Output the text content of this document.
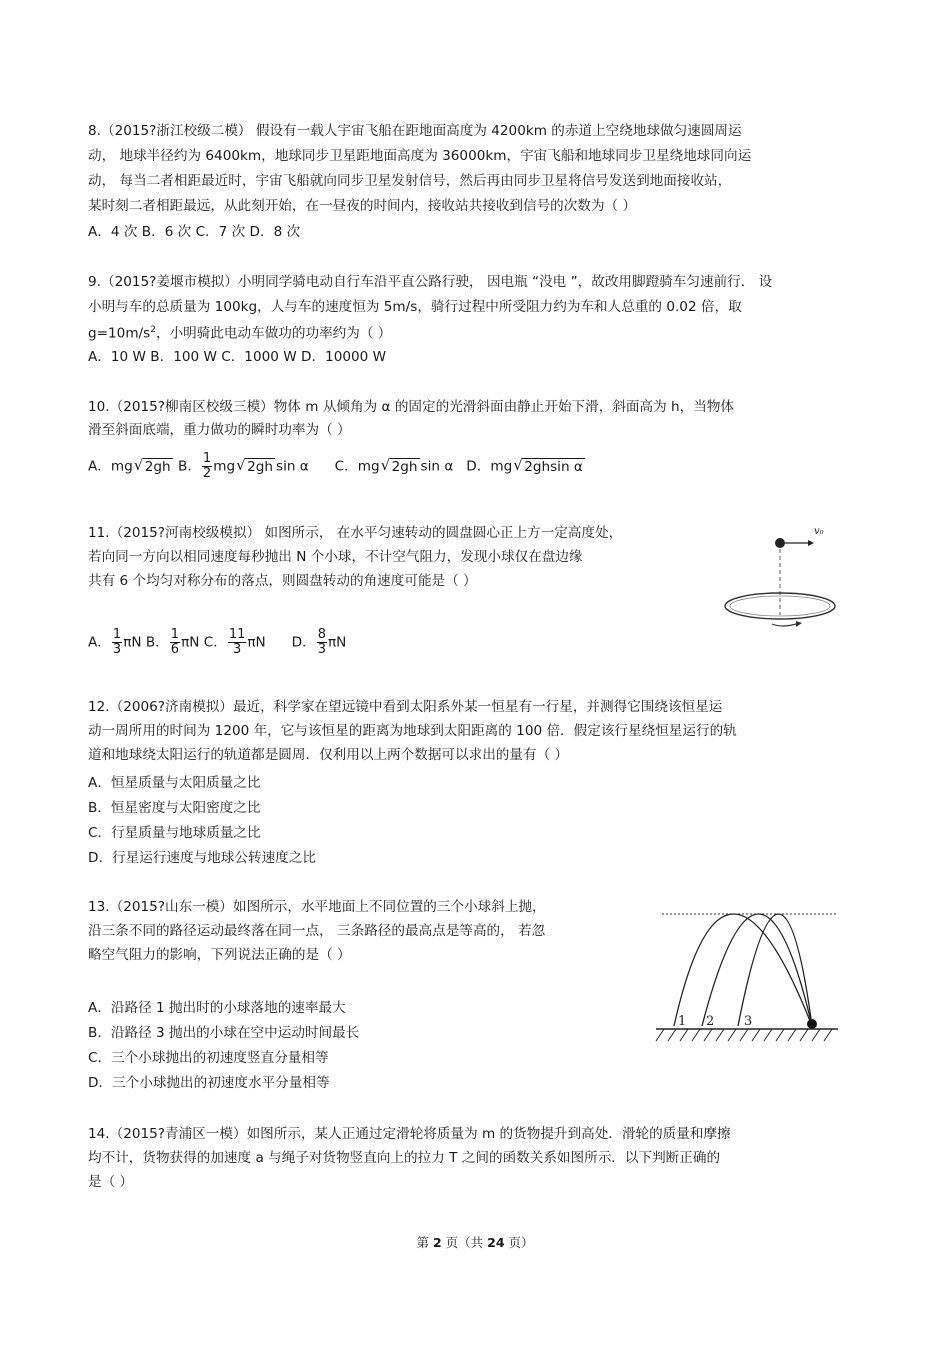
8.（2015?浙江校级二模） 假设有一载人宇宙飞船在距地面高度为 4200km 的赤道上空绕地球做匀速圆周运
动， 地球半径约为 6400km，地球同步卫星距地面高度为 36000km，宇宙飞船和地球同步卫星绕地球同向运
动， 每当二者相距最近时，宇宙飞船就向同步卫星发射信号，然后再由同步卫星将信号发送到地面接收站，
某时刻二者相距最远，从此刻开始，在一昼夜的时间内，接收站共接收到信号的次数为（ ）
A．4 次 B．6 次 C．7 次 D．8 次
9.（2015?姜堰市模拟）小明同学骑电动自行车沿平直公路行驶， 因电瓶 “没电 ”，故改用脚蹬骑车匀速前行． 设
小明与车的总质量为 100kg，人与车的速度恒为 5m/s，骑行过程中所受阻力约为车和人总重的 0.02 倍，取
$g=10m/s^2$，小明骑此电动车做功的功率约为（ ）
A．10 W B．100 W C．1000 W D．10000 W
10.（2015?柳南区校级三模）物体 m 从倾角为 α 的固定的光滑斜面由静止开始下滑，斜面高为 h，当物体
滑至斜面底端，重力做功的瞬时功率为（ ）
A．mg √ 2gh B． $\frac{1}{2}$ mg √ 2gh sin α      C．mg √ 2gh sin α   D．mg √ 2ghsin α
11.（2015?河南校级模拟） 如图所示， 在水平匀速转动的圆盘圆心正上方一定高度处，
若向同一方向以相同速度每秒抛出 N 个小球，不计空气阻力，发现小球仅在盘边缘
共有 6 个均匀对称分布的落点，则圆盘转动的角速度可能是（ ）
A． $\frac{1}{3}$ πN B． $\frac{1}{6}$ πN C． $\frac{11}{3}$ πN      D． $\frac{8}{3}$ πN
v₀
12.（2006?济南模拟）最近，科学家在望远镜中看到太阳系外某一恒星有一行星，并测得它围绕该恒星运
动一周所用的时间为 1200 年，它与该恒星的距离为地球到太阳距离的 100 倍．假定该行星绕恒星运行的轨
道和地球绕太阳运行的轨道都是圆周．仅利用以上两个数据可以求出的量有（ ）
A．恒星质量与太阳质量之比
B．恒星密度与太阳密度之比
C．行星质量与地球质量之比
D．行星运行速度与地球公转速度之比
13.（2015?山东一模）如图所示，水平地面上不同位置的三个小球斜上抛，
沿三条不同的路径运动最终落在同一点， 三条路径的最高点是等高的， 若忽
略空气阻力的影响，下列说法正确的是（ ）
A．沿路径 1 抛出时的小球落地的速率最大
B．沿路径 3 抛出的小球在空中运动时间最长
C．三个小球抛出的初速度竖直分量相等
D．三个小球抛出的初速度水平分量相等
1 2 3
14.（2015?青浦区一模）如图所示，某人正通过定滑轮将质量为 m 的货物提升到高处．滑轮的质量和摩擦
均不计，货物获得的加速度 a 与绳子对货物竖直向上的拉力 T 之间的函数关系如图所示．以下判断正确的
是（ ）
第 2 页（共 24 页）
